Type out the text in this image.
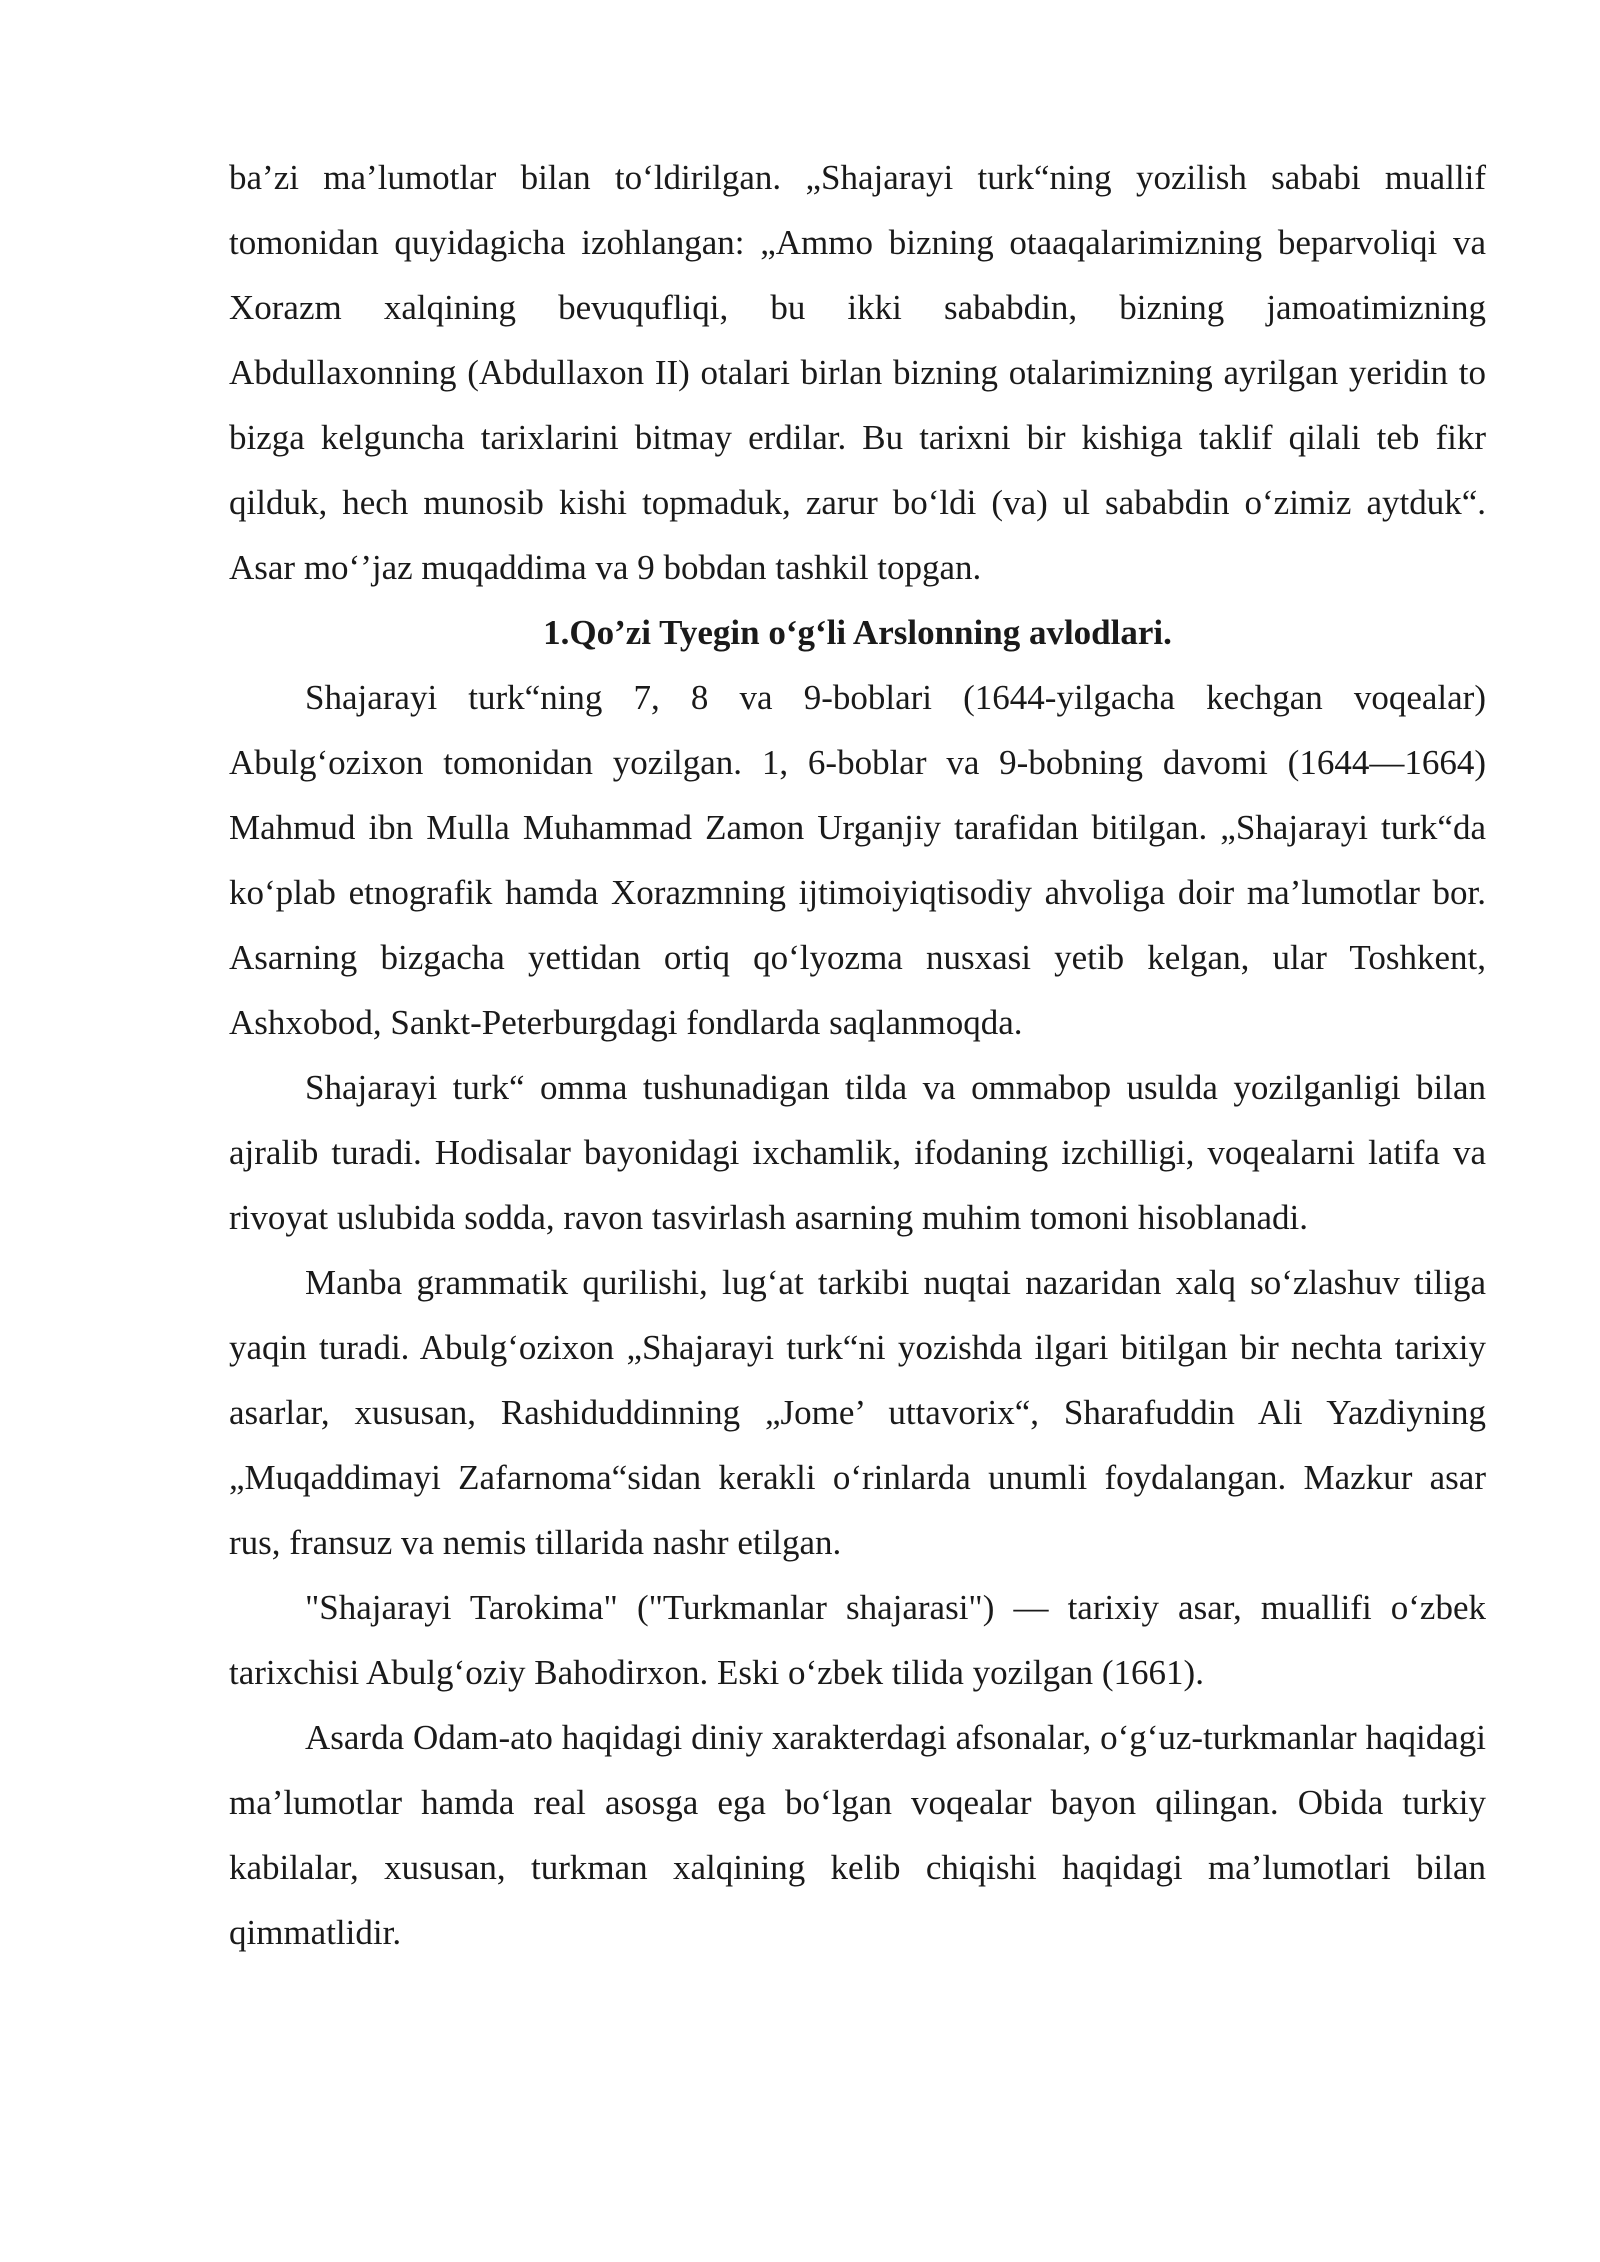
ba’zi ma’lumotlar bilan to‘ldirilgan. „Shajarayi turk“ning yozilish sababi muallif tomonidan quyidagicha izohlangan: „Ammo bizning otaaqalarimizning beparvoliqi va Xorazm xalqining bevuqufliqi, bu ikki sababdin, bizning jamoatimizning Abdullaxonning (Abdullaxon II) otalari birlan bizning otalarimizning ayrilgan yeridin to bizga kelguncha tarixlarini bitmay erdilar. Bu tarixni bir kishiga taklif qilali teb fikr qilduk, hech munosib kishi topmaduk, zarur bo‘ldi (va) ul sababdin o‘zimiz aytduk“. Asar mo‘’jaz muqaddima va 9 bobdan tashkil topgan.

1.Qo’zi Tyegin o‘g‘li Arslonning avlodlari.

Shajarayi turk“ning 7, 8 va 9-boblari (1644-yilgacha kechgan voqealar) Abulg‘ozixon tomonidan yozilgan. 1, 6-boblar va 9-bobning davomi (1644—1664) Mahmud ibn Mulla Muhammad Zamon Urganjiy tarafidan bitilgan. „Shajarayi turk“da ko‘plab etnografik hamda Xorazmning ijtimoiyiqtisodiy ahvoliga doir ma’lumotlar bor. Asarning bizgacha yettidan ortiq qo‘lyozma nusxasi yetib kelgan, ular Toshkent, Ashxobod, Sankt-Peterburgdagi fondlarda saqlanmoqda.

Shajarayi turk“ omma tushunadigan tilda va ommabop usulda yozilganligi bilan ajralib turadi. Hodisalar bayonidagi ixchamlik, ifodaning izchilligi, voqealarni latifa va rivoyat uslubida sodda, ravon tasvirlash asarning muhim tomoni hisoblanadi.

Manba grammatik qurilishi, lug‘at tarkibi nuqtai nazaridan xalq so‘zlashuv tiliga yaqin turadi. Abulg‘ozixon „Shajarayi turk“ni yozishda ilgari bitilgan bir nechta tarixiy asarlar, xususan, Rashiduddinning „Jome’ uttavorix“, Sharafuddin Ali Yazdiyning „Muqaddimayi Zafarnoma“sidan kerakli o‘rinlarda unumli foydalangan. Mazkur asar rus, fransuz va nemis tillarida nashr etilgan.

"Shajarayi Tarokima" ("Turkmanlar shajarasi") — tarixiy asar, muallifi o‘zbek tarixchisi Abulg‘oziy Bahodirxon. Eski o‘zbek tilida yozilgan (1661).

Asarda Odam-ato haqidagi diniy xarakterdagi afsonalar, o‘g‘uz-turkmanlar haqidagi ma’lumotlar hamda real asosga ega bo‘lgan voqealar bayon qilingan. Obida turkiy kabilalar, xususan, turkman xalqining kelib chiqishi haqidagi ma’lumotlari bilan qimmatlidir.
